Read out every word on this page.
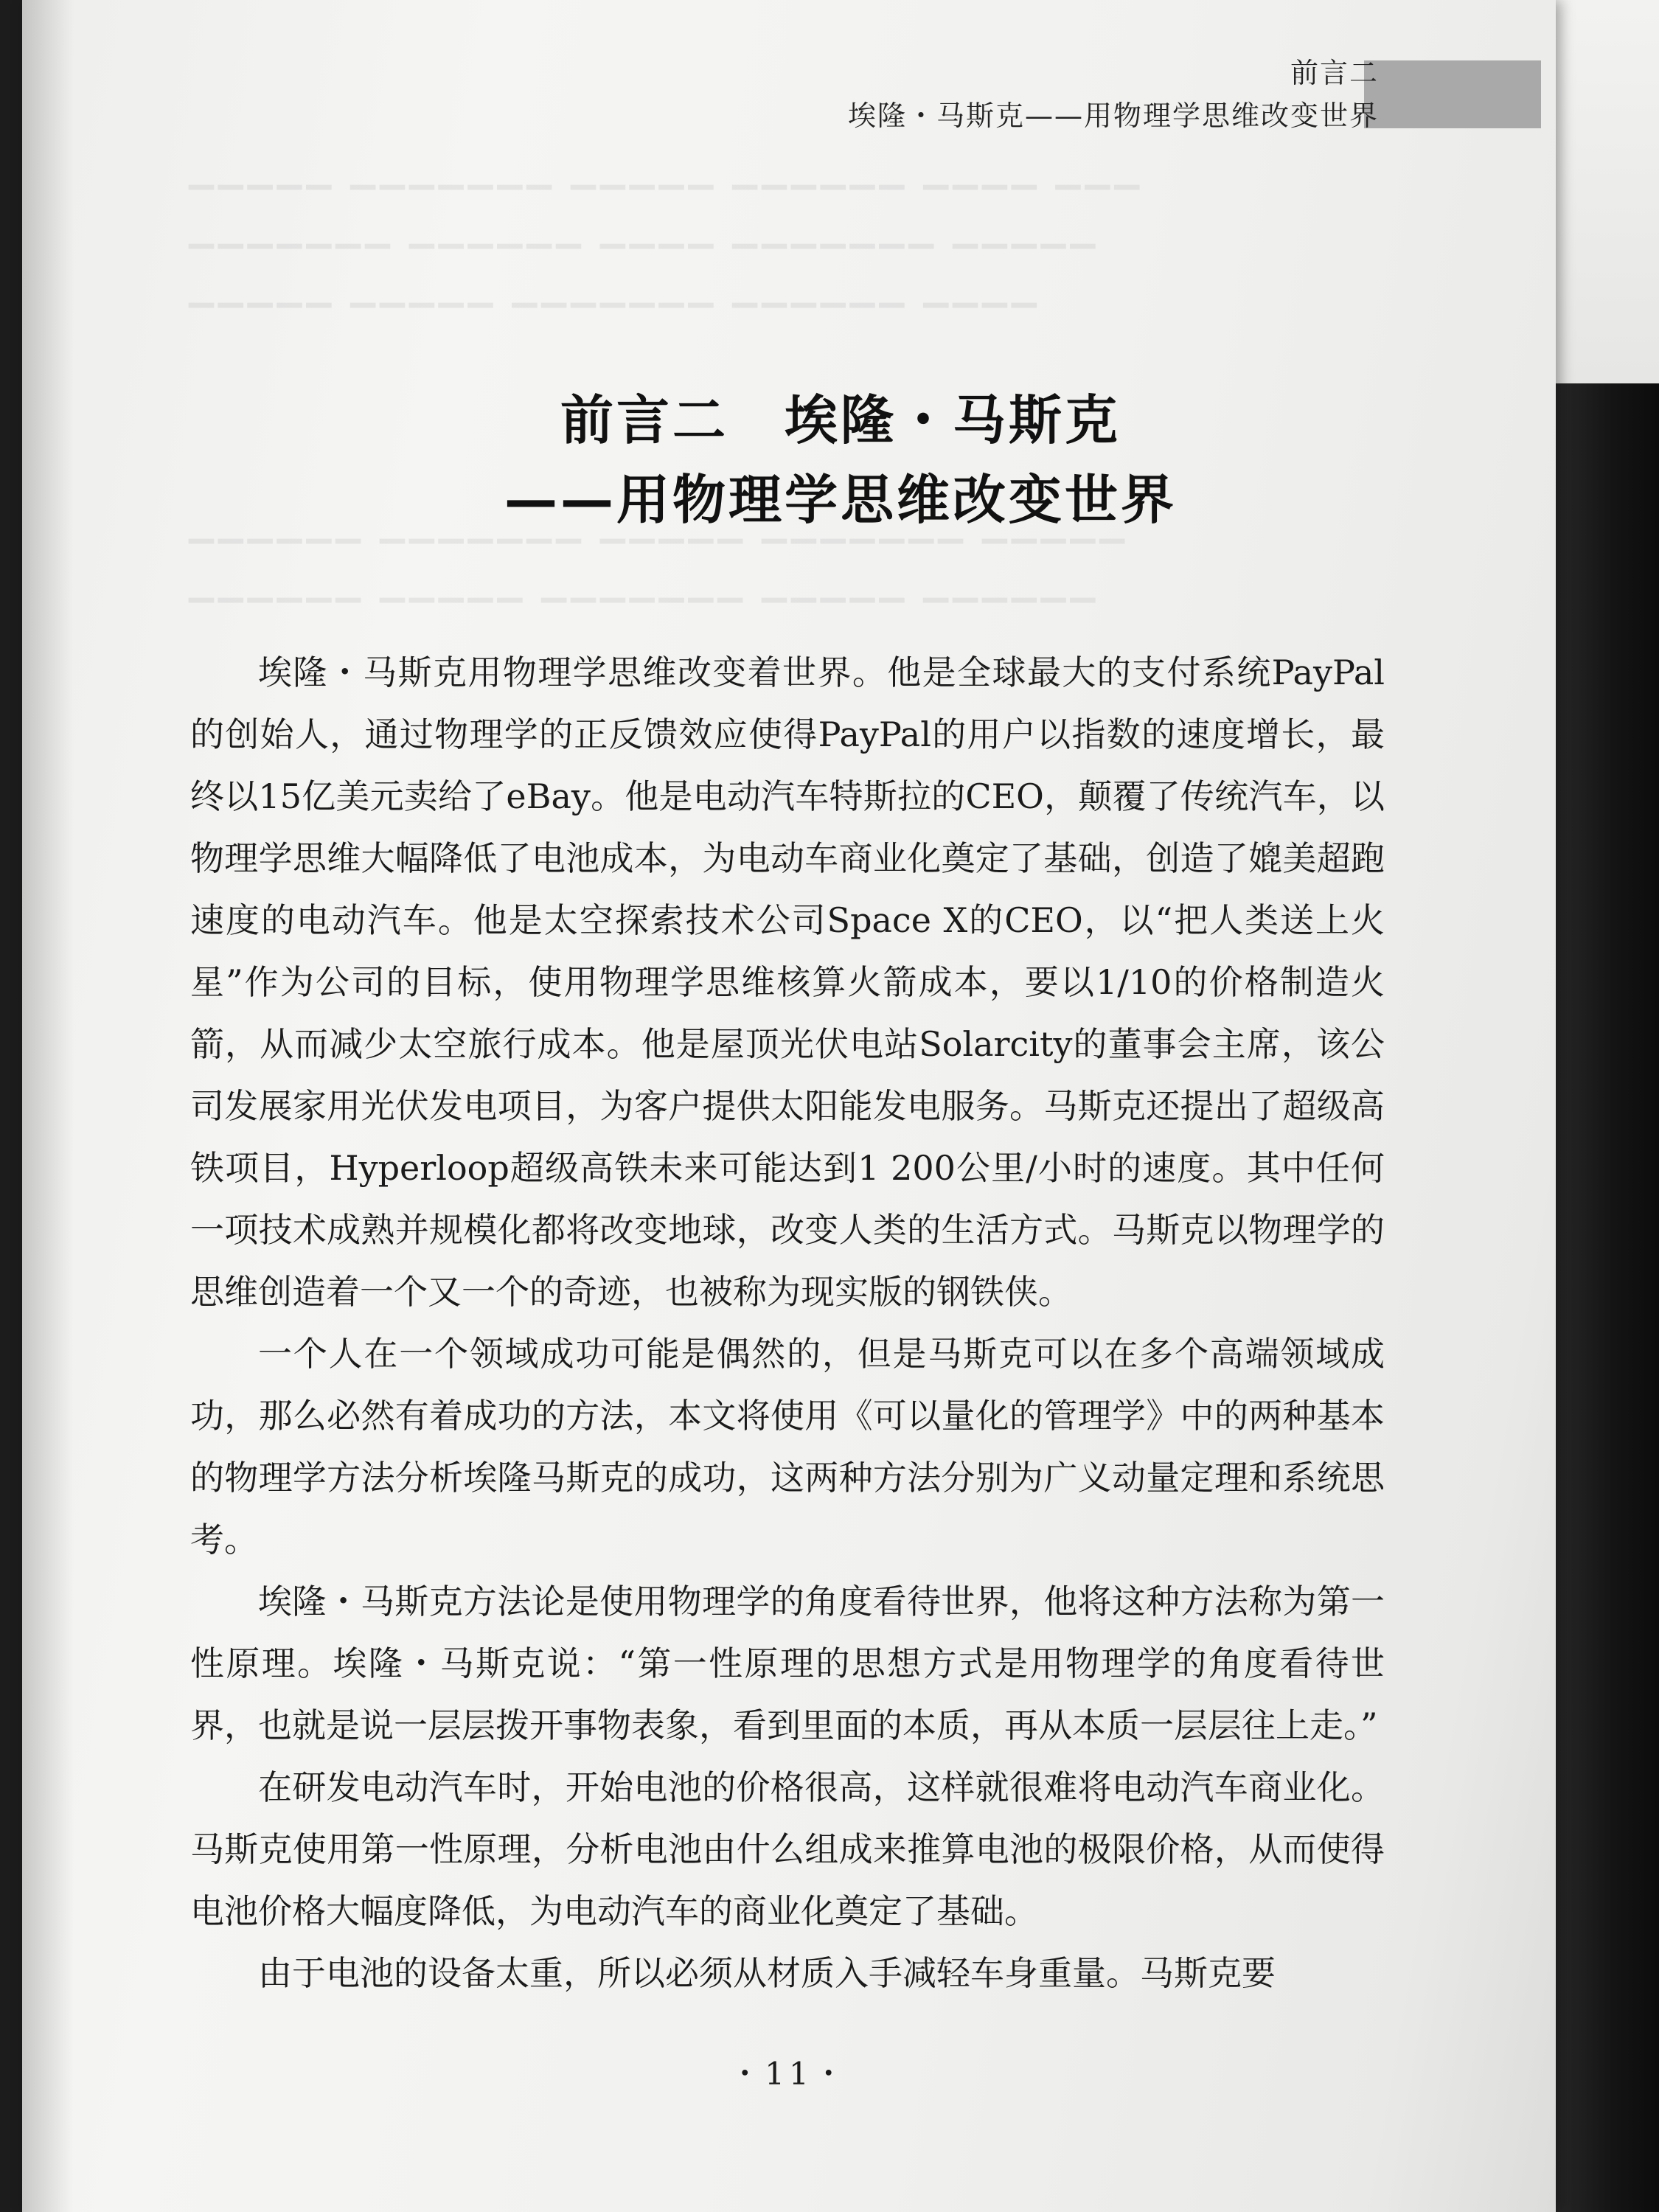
▔▔▔ ▔▔▔▔ ▔▔▔▔▔▔ ▔▔▔▔▔ ▔▔▔▔▔▔▔ ▔▔▔▔▔
▔▔▔▔▔ ▔▔▔▔▔▔▔ ▔▔▔▔ ▔▔▔▔▔▔ ▔▔▔▔▔▔▔
▔▔▔▔ ▔▔▔▔▔▔ ▔▔▔▔▔▔▔ ▔▔▔▔▔ ▔▔▔▔▔
▔▔▔▔▔ ▔▔▔▔▔▔▔ ▔▔▔▔▔ ▔▔▔▔▔▔▔ ▔▔▔▔▔▔
▔▔▔▔▔▔ ▔▔▔▔▔ ▔▔▔▔▔▔▔ ▔▔▔▔▔ ▔▔▔▔▔▔
前言二
埃隆・马斯克——用物理学思维改变世界
前言二　埃隆・马斯克
——用物理学思维改变世界

埃隆・马斯克用物理学思维改变着世界。他是全球最大的支付系统PayPal的创始人，通过物理学的正反馈效应使得PayPal的用户以指数的速度增长，最终以15亿美元卖给了eBay。他是电动汽车特斯拉的CEO，颠覆了传统汽车，以物理学思维大幅降低了电池成本，为电动车商业化奠定了基础，创造了媲美超跑速度的电动汽车。他是太空探索技术公司Space X的CEO，以“把人类送上火星”作为公司的目标，使用物理学思维核算火箭成本，要以1/10的价格制造火箭，从而减少太空旅行成本。他是屋顶光伏电站Solarcity的董事会主席，该公司发展家用光伏发电项目，为客户提供太阳能发电服务。马斯克还提出了超级高铁项目，Hyperloop超级高铁未来可能达到1 200公里/小时的速度。其中任何一项技术成熟并规模化都将改变地球，改变人类的生活方式。马斯克以物理学的思维创造着一个又一个的奇迹，也被称为现实版的钢铁侠。

一个人在一个领域成功可能是偶然的，但是马斯克可以在多个高端领域成功，那么必然有着成功的方法，本文将使用《可以量化的管理学》中的两种基本的物理学方法分析埃隆马斯克的成功，这两种方法分别为广义动量定理和系统思考。

埃隆・马斯克方法论是使用物理学的角度看待世界，他将这种方法称为第一性原理。埃隆・马斯克说：“第一性原理的思想方式是用物理学的角度看待世界，也就是说一层层拨开事物表象，看到里面的本质，再从本质一层层往上走。”

在研发电动汽车时，开始电池的价格很高，这样就很难将电动汽车商业化。马斯克使用第一性原理，分析电池由什么组成来推算电池的极限价格，从而使得电池价格大幅度降低，为电动汽车的商业化奠定了基础。

由于电池的设备太重，所以必须从材质入手减轻车身重量。马斯克要

・11・
